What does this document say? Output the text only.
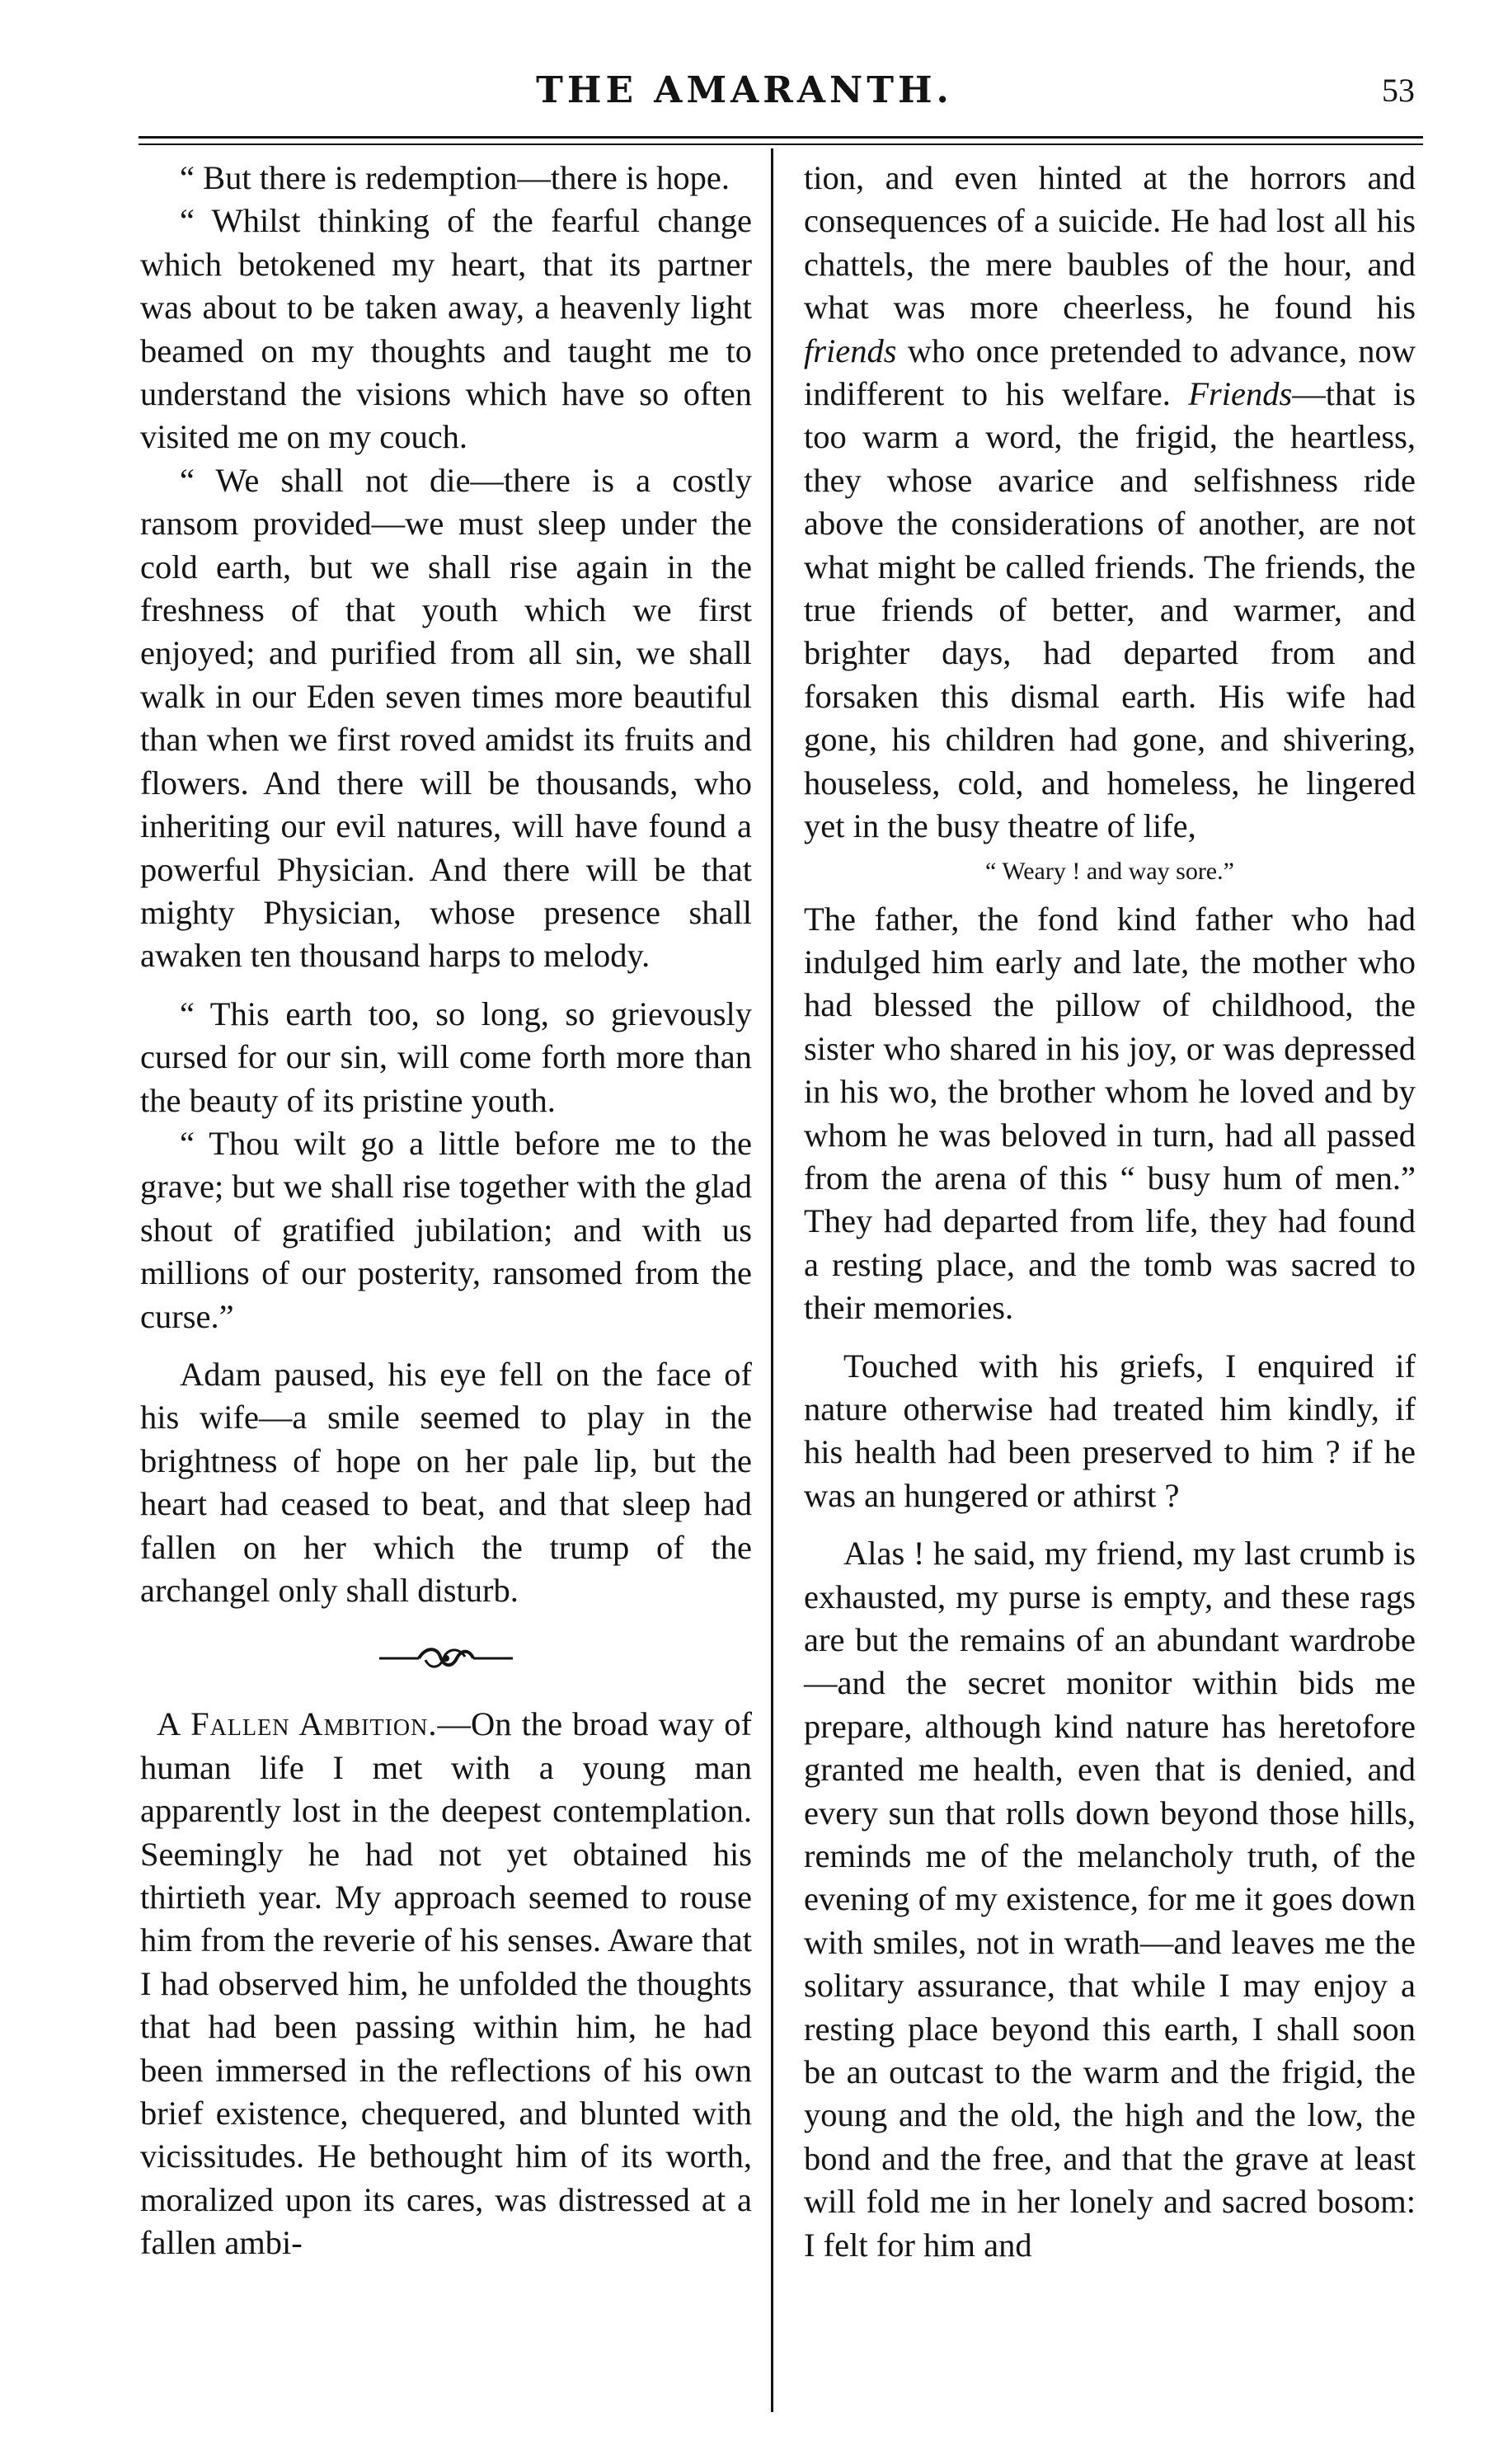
THE AMARANTH.	53

“ But there is redemption—there is hope.

“ Whilst thinking of the fearful change which betokened my heart, that its partner was about to be taken away, a heavenly light beamed on my thoughts and taught me to understand the visions which have so often visited me on my couch.

“ We shall not die—there is a costly ransom provided—we must sleep under the cold earth, but we shall rise again in the freshness of that youth which we first enjoyed; and purified from all sin, we shall walk in our Eden seven times more beautiful than when we first roved amidst its fruits and flowers. And there will be thousands, who inheriting our evil natures, will have found a powerful Physician. And there will be that mighty Physician, whose presence shall awaken ten thousand harps to melody.

“ This earth too, so long, so grievously cursed for our sin, will come forth more than the beauty of its pristine youth.

“ Thou wilt go a little before me to the grave; but we shall rise together with the glad shout of gratified jubilation; and with us millions of our posterity, ransomed from the curse.”

Adam paused, his eye fell on the face of his wife—a smile seemed to play in the brightness of hope on her pale lip, but the heart had ceased to beat, and that sleep had fallen on her which the trump of the archangel only shall disturb.

A Fallen Ambition.—On the broad way of human life I met with a young man apparently lost in the deepest contemplation. Seemingly he had not yet obtained his thirtieth year. My approach seemed to rouse him from the reverie of his senses. Aware that I had observed him, he unfolded the thoughts that had been passing within him, he had been immersed in the reflections of his own brief existence, chequered, and blunted with vicissitudes. He bethought him of its worth, moralized upon its cares, was distressed at a fallen ambi-

tion, and even hinted at the horrors and consequences of a suicide. He had lost all his chattels, the mere baubles of the hour, and what was more cheerless, he found his friends who once pretended to advance, now indifferent to his welfare. Friends—that is too warm a word, the frigid, the heartless, they whose avarice and selfishness ride above the considerations of another, are not what might be called friends. The friends, the true friends of better, and warmer, and brighter days, had departed from and forsaken this dismal earth. His wife had gone, his children had gone, and shivering, houseless, cold, and homeless, he lingered yet in the busy theatre of life,

“ Weary ! and way sore.”

The father, the fond kind father who had indulged him early and late, the mother who had blessed the pillow of childhood, the sister who shared in his joy, or was depressed in his wo, the brother whom he loved and by whom he was beloved in turn, had all passed from the arena of this “ busy hum of men.” They had departed from life, they had found a resting place, and the tomb was sacred to their memories.

Touched with his griefs, I enquired if nature otherwise had treated him kindly, if his health had been preserved to him ? if he was an hungered or athirst ?

Alas ! he said, my friend, my last crumb is exhausted, my purse is empty, and these rags are but the remains of an abundant wardrobe—and the secret monitor within bids me prepare, although kind nature has heretofore granted me health, even that is denied, and every sun that rolls down beyond those hills, reminds me of the melancholy truth, of the evening of my existence, for me it goes down with smiles, not in wrath—and leaves me the solitary assurance, that while I may enjoy a resting place beyond this earth, I shall soon be an outcast to the warm and the frigid, the young and the old, the high and the low, the bond and the free, and that the grave at least will fold me in her lonely and sacred bosom: I felt for him and
